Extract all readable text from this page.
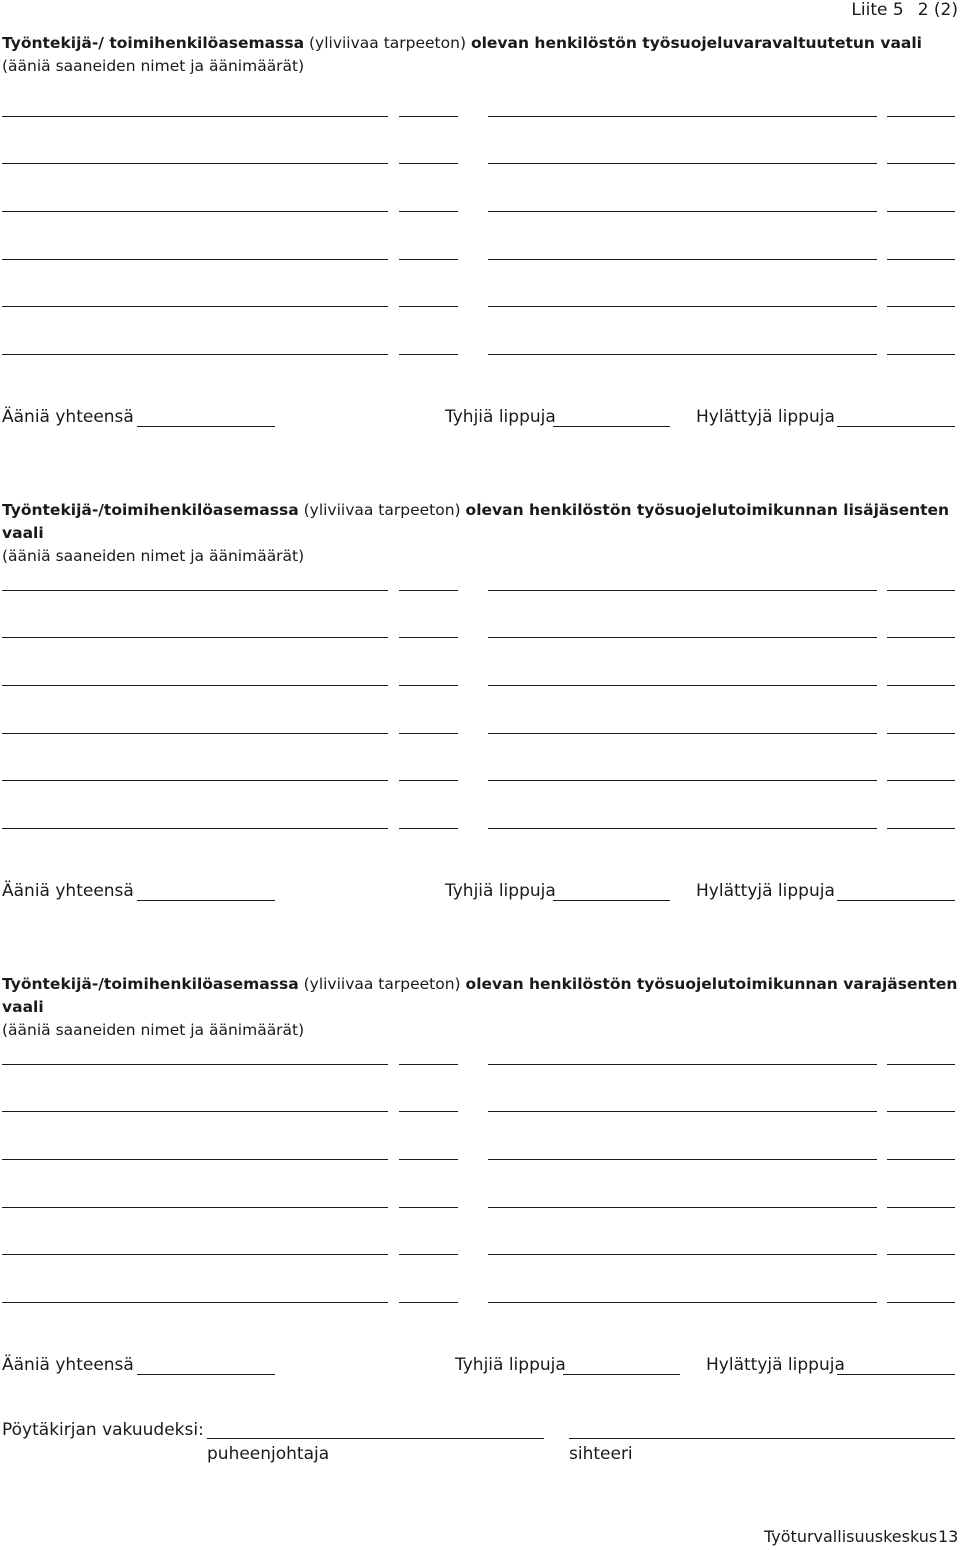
Liite 5 2 (2)
Työntekijä-/ toimihenkilöasemassa (yliviivaa tarpeeton) olevan henkilöstön työsuojeluvaravaltuutetun vaali
(ääniä saaneiden nimet ja äänimäärät)
Ääniä yhteensä	Tyhjiä lippuja	Hylättyjä lippuja
Työntekijä-/toimihenkilöasemassa (yliviivaa tarpeeton) olevan henkilöstön työsuojelutoimikunnan lisäjäsenten vaali
(ääniä saaneiden nimet ja äänimäärät)
Ääniä yhteensä	Tyhjiä lippuja	Hylättyjä lippuja
Työntekijä-/toimihenkilöasemassa (yliviivaa tarpeeton) olevan henkilöstön työsuojelutoimikunnan varajäsenten vaali
(ääniä saaneiden nimet ja äänimäärät)
Ääniä yhteensä	Tyhjiä lippuja	Hylättyjä lippuja
Pöytäkirjan vakuudeksi:
puheenjohtaja	sihteeri
Työturvallisuuskeskus 13
